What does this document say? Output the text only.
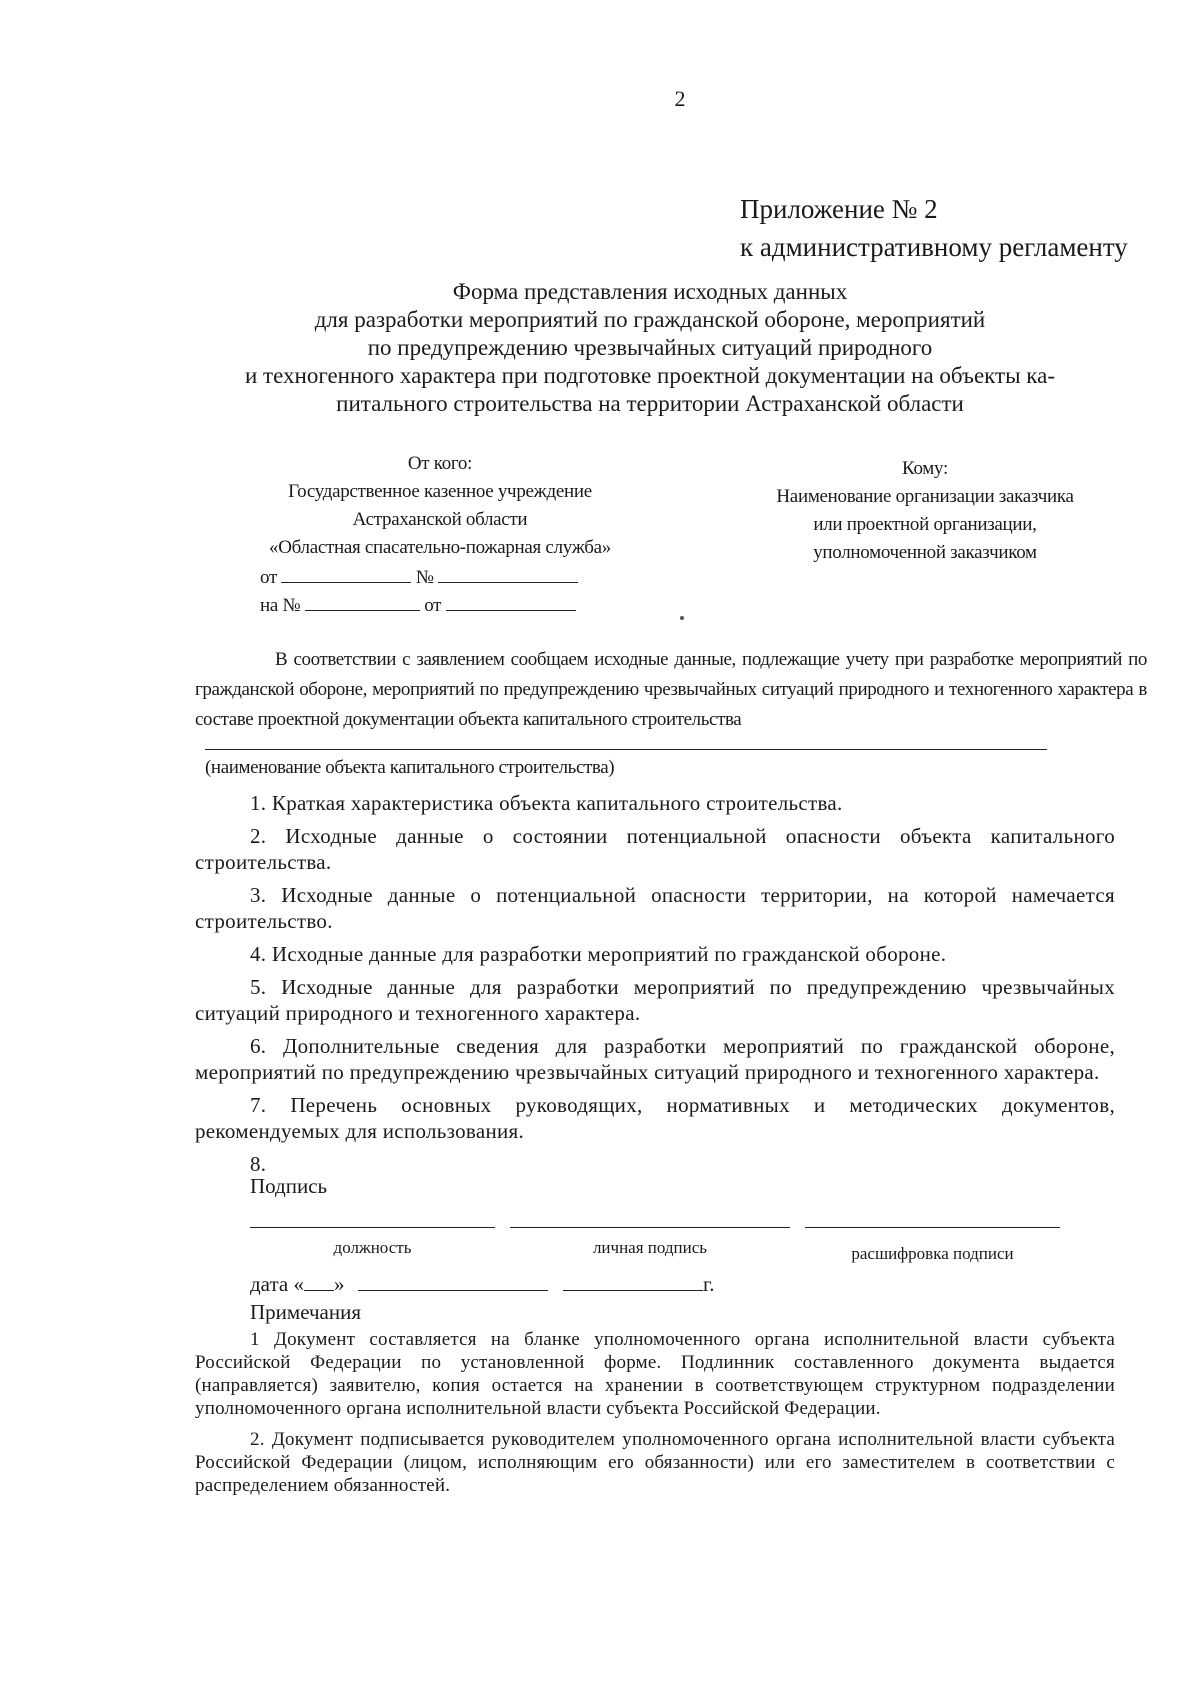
2
Приложение № 2
к административному регламенту
Форма представления исходных данных
для разработки мероприятий по гражданской обороне, мероприятий
по предупреждению чрезвычайных ситуаций природного
и техногенного характера при подготовке проектной документации на объекты ка-
питального строительства на территории Астраханской области
От кого:
Государственное казенное учреждение
Астраханской области
«Областная спасательно-пожарная служба»
от	№
на №	от
Кому:
Наименование организации заказчика
или проектной организации,
уполномоченной заказчиком
В соответствии с заявлением сообщаем исходные данные, подлежащие учету при разработке мероприятий по гражданской обороне, мероприятий по предупреждению чрезвычайных ситуаций природного и техногенного характера в составе проектной документации объекта капитального строительства
(наименование объекта капитального строительства)

1. Краткая характеристика объекта капитального строительства.

2. Исходные данные о состоянии потенциальной опасности объекта капитального строительства.

3. Исходные данные о потенциальной опасности территории, на которой намечается строительство.

4. Исходные данные для разработки мероприятий по гражданской обороне.

5. Исходные данные для разработки мероприятий по предупреждению чрезвычайных ситуаций природного и техногенного характера.

6. Дополнительные сведения для разработки мероприятий по гражданской обороне, мероприятий по предупреждению чрезвычайных ситуаций природного и техногенного характера.

7. Перечень основных руководящих, нормативных и методических документов, рекомендуемых для использования.

8.

Подпись
должность	личная подпись	расшифровка подписи
дата « »	г.
Примечания

1 Документ составляется на бланке уполномоченного органа исполнительной власти субъекта Российской Федерации по установленной форме. Подлинник составленного документа выдается (направляется) заявителю, копия остается на хранении в соответствующем структурном подразделении уполномоченного органа исполнительной власти субъекта Российской Федерации.

2. Документ подписывается руководителем уполномоченного органа исполнительной власти субъекта Российской Федерации (лицом, исполняющим его обязанности) или его заместителем в соответствии с распределением обязанностей.
